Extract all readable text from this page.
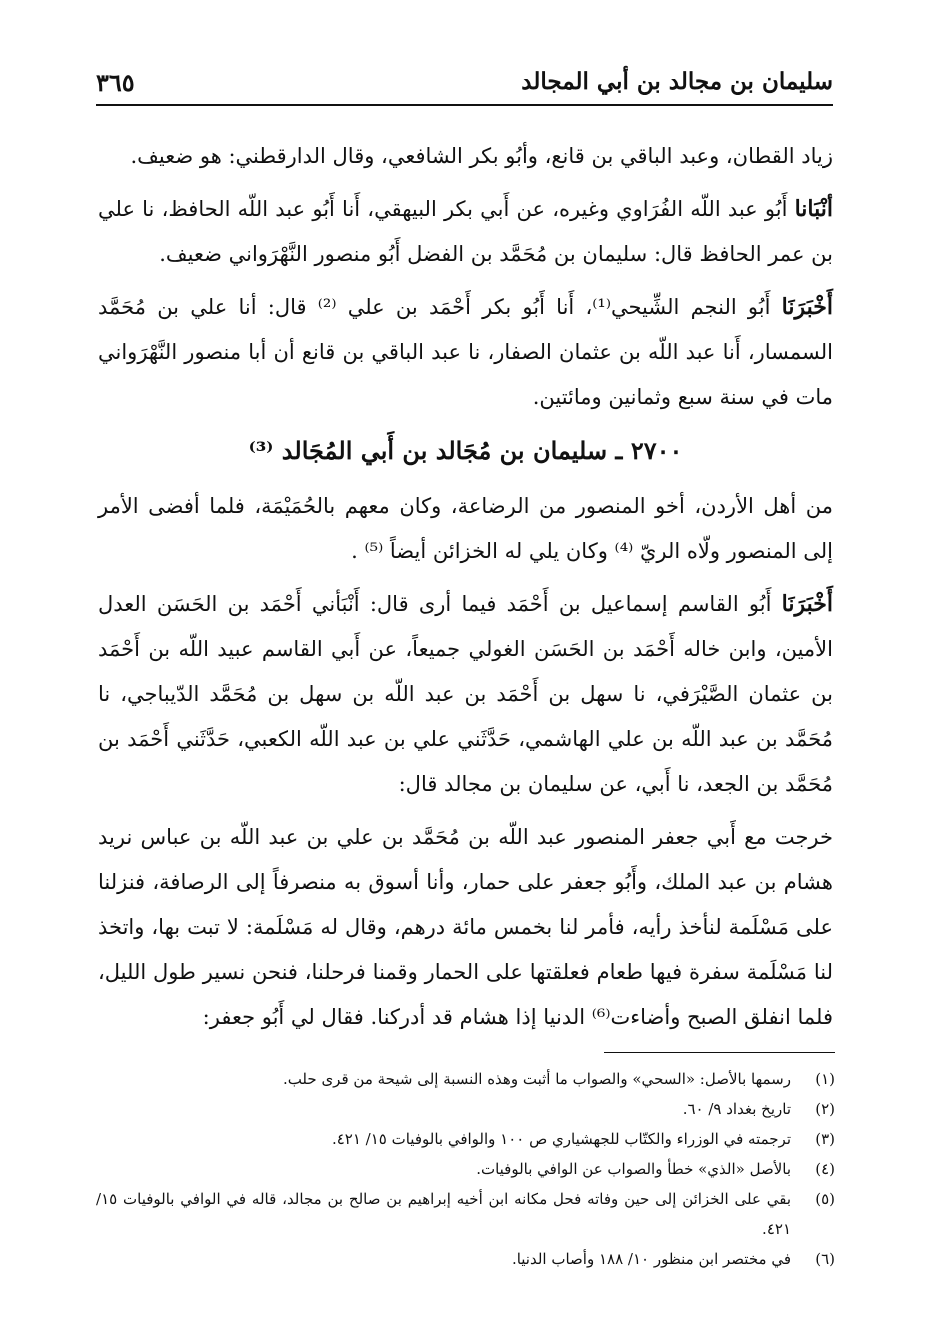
سليمان بن مجالد بن أبي المجالد
٣٦٥

زياد القطان، وعبد الباقي بن قانع، وأبُو بكر الشافعي، وقال الدارقطني: هو ضعيف.

أنْبَانا أَبُو عبد اللّه الفُرَاوي وغيره، عن أَبي بكر البيهقي، أَنا أَبُو عبد اللّه الحافظ، نا علي بن عمر الحافظ قال: سليمان بن مُحَمَّد بن الفضل أَبُو منصور النَّهْرَواني ضعيف.

أَخْبَرَنَا أَبُو النجم الشِّيحي⁽¹⁾، أَنا أَبُو بكر أَحْمَد بن علي ⁽²⁾ قال: أنا علي بن مُحَمَّد السمسار، أَنا عبد اللّه بن عثمان الصفار، نا عبد الباقي بن قانع أن أبا منصور النَّهْرَواني مات في سنة سبع وثمانين ومائتين.

٢٧٠٠ ـ سليمان بن مُجَالد بن أَبي المُجَالد ⁽³⁾

من أهل الأردن، أخو المنصور من الرضاعة، وكان معهم بالحُمَيْمَة، فلما أفضى الأمر إلى المنصور ولّاه الريّ ⁽⁴⁾ وكان يلي له الخزائن أيضاً ⁽⁵⁾ .

أَخْبَرَنَا أَبُو القاسم إسماعيل بن أَحْمَد فيما أرى قال: أَنْبَأني أَحْمَد بن الحَسَن العدل الأمين، وابن خاله أَحْمَد بن الحَسَن الغولي جميعاً، عن أَبي القاسم عبيد اللّه بن أَحْمَد بن عثمان الصَّيْرَفي، نا سهل بن أَحْمَد بن عبد اللّه بن سهل بن مُحَمَّد الدّيباجي، نا مُحَمَّد بن عبد اللّه بن علي الهاشمي، حَدَّثَني علي بن عبد اللّه الكعبي، حَدَّثَني أَحْمَد بن مُحَمَّد بن الجعد، نا أَبي، عن سليمان بن مجالد قال:

خرجت مع أَبي جعفر المنصور عبد اللّه بن مُحَمَّد بن علي بن عبد اللّه بن عباس نريد هشام بن عبد الملك، وأَبُو جعفر على حمار، وأنا أسوق به منصرفاً إلى الرصافة، فنزلنا على مَسْلَمة لنأخذ رأيه، فأمر لنا بخمس مائة درهم، وقال له مَسْلَمة: لا تبت بها، واتخذ لنا مَسْلَمة سفرة فيها طعام فعلقتها على الحمار وقمنا فرحلنا، فنحن نسير طول الليل، فلما انفلق الصبح وأضاءت⁽⁶⁾ الدنيا إذا هشام قد أدركنا. فقال لي أَبُو جعفر:

(١)
رسمها بالأصل: «السحي» والصواب ما أثبت وهذه النسبة إلى شيحة من قرى حلب.
(٢)
تاريخ بغداد ٩/ ٦٠.
(٣)
ترجمته في الوزراء والكتّاب للجهشياري ص ١٠٠ والوافي بالوفيات ١٥/ ٤٢١.
(٤)
بالأصل «الذي» خطأ والصواب عن الوافي بالوفيات.
(٥)
بقي على الخزائن إلى حين وفاته فحل مكانه ابن أخيه إبراهيم بن صالح بن مجالد، قاله في الوافي بالوفيات ١٥/ ٤٢١.
(٦)
في مختصر ابن منظور ١٠/ ١٨٨ وأصاب الدنيا.
